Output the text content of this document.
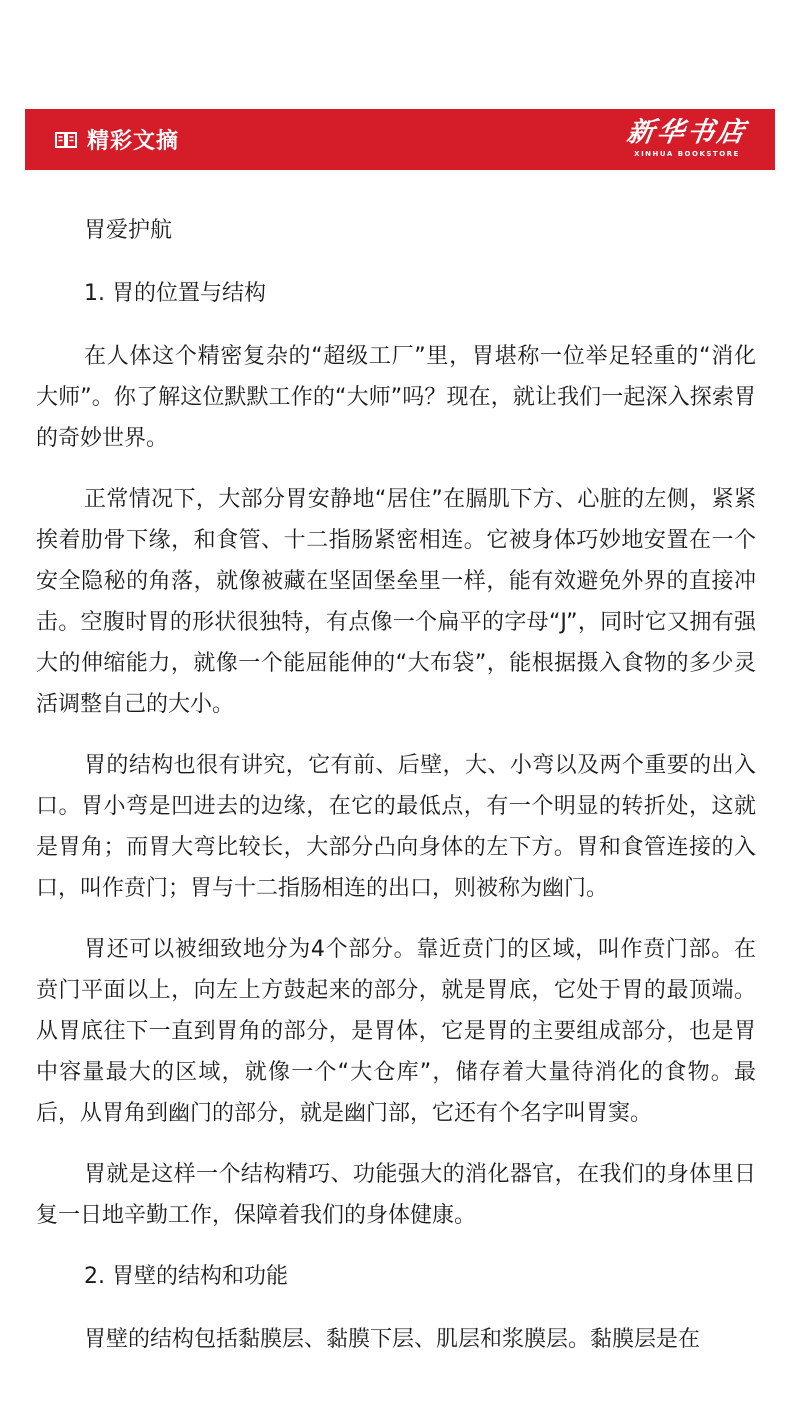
精彩文摘	新华书店
XINHUA BOOKSTORE

胃爱护航

1. 胃的位置与结构

在人体这个精密复杂的“超级工厂”里，胃堪称一位举足轻重的“消化大师”。你了解这位默默工作的“大师”吗？现在，就让我们一起深入探索胃的奇妙世界。

正常情况下，大部分胃安静地“居住”在膈肌下方、心脏的左侧，紧紧挨着肋骨下缘，和食管、十二指肠紧密相连。它被身体巧妙地安置在一个安全隐秘的角落，就像被藏在坚固堡垒里一样，能有效避免外界的直接冲击。空腹时胃的形状很独特，有点像一个扁平的字母“J”，同时它又拥有强大的伸缩能力，就像一个能屈能伸的“大布袋”，能根据摄入食物的多少灵活调整自己的大小。

胃的结构也很有讲究，它有前、后壁，大、小弯以及两个重要的出入口。胃小弯是凹进去的边缘，在它的最低点，有一个明显的转折处，这就是胃角；而胃大弯比较长，大部分凸向身体的左下方。胃和食管连接的入口，叫作贲门；胃与十二指肠相连的出口，则被称为幽门。

胃还可以被细致地分为4个部分。靠近贲门的区域，叫作贲门部。在贲门平面以上，向左上方鼓起来的部分，就是胃底，它处于胃的最顶端。从胃底往下一直到胃角的部分，是胃体，它是胃的主要组成部分，也是胃中容量最大的区域，就像一个“大仓库”，储存着大量待消化的食物。最后，从胃角到幽门的部分，就是幽门部，它还有个名字叫胃窦。

胃就是这样一个结构精巧、功能强大的消化器官，在我们的身体里日复一日地辛勤工作，保障着我们的身体健康。

2. 胃壁的结构和功能

胃壁的结构包括黏膜层、黏膜下层、肌层和浆膜层。黏膜层是在
